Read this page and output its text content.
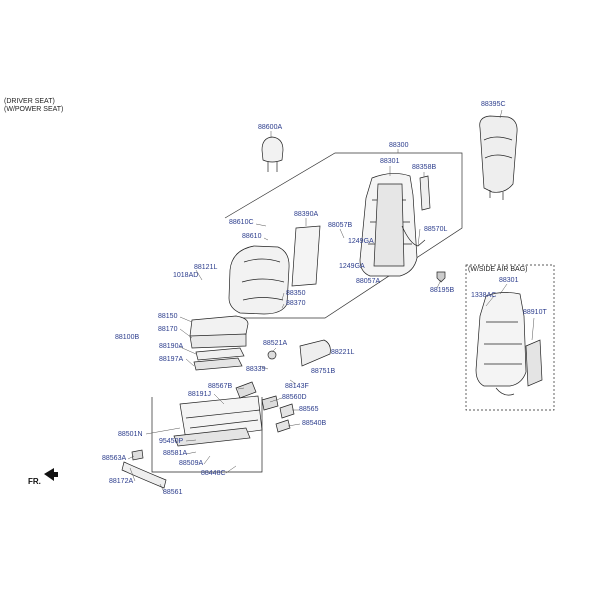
(DRIVER SEAT)
(W/POWER SEAT)
88395C
88600A
88300
88301
88358B
88390A
88610C
88610
88057B
1249GA
88570L
1249GA
88057A
88195B
88121L
1018AD
88350
88370
88150
88170
88100B
88190A
88197A
88521A
88221L
88339	88751B
88567B	88143F
88191J	88560D
88565
88540B
88501N
95450P
88581A
88563A
88509A
88448C
88172A
88561
(W/SIDE AIR BAG)
88301
1338AC
88910T
FR.
